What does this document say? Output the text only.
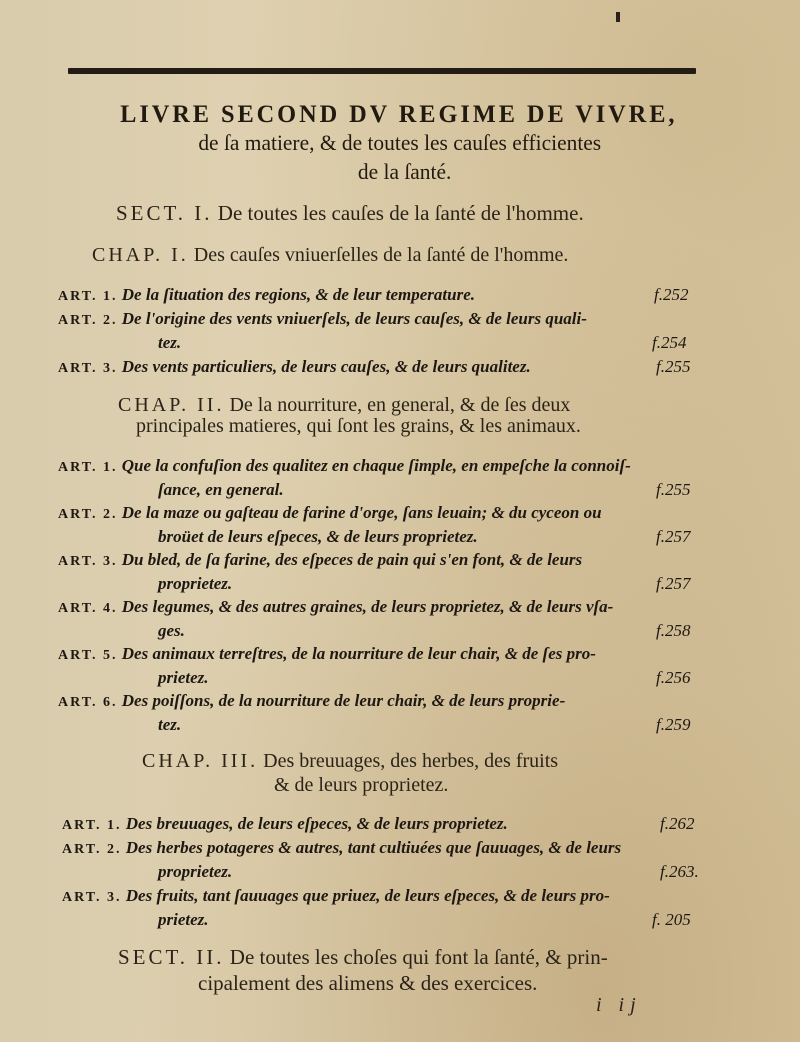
LIVRE SECOND DV REGIME DE VIVRE,
de ſa matiere, & de toutes les cauſes efficientes
de la ſanté.
SECT. I. De toutes les cauſes de la ſanté de l'homme.
CHAP. I. Des cauſes vniuerſelles de la ſanté de l'homme.
ART. 1. De la ſituation des regions, & de leur temperature.	f.252
ART. 2. De l'origine des vents vniuerſels, de leurs cauſes, & de leurs quali-
tez.	f.254
ART. 3. Des vents particuliers, de leurs cauſes, & de leurs qualitez.	f.255
CHAP. II. De la nourriture, en general, & de ſes deux
principales matieres, qui ſont les grains, & les animaux.
ART. 1. Que la confuſion des qualitez en chaque ſimple, en empeſche la connoiſ-
ſance, en general.	f.255
ART. 2. De la maze ou gaſteau de farine d'orge, ſans leuain; & du cyceon ou
broüet de leurs eſpeces, & de leurs proprietez.	f.257
ART. 3. Du bled, de ſa farine, des eſpeces de pain qui s'en font, & de leurs
proprietez.	f.257
ART. 4. Des legumes, & des autres graines, de leurs proprietez, & de leurs vſa-
ges.	f.258
ART. 5. Des animaux terreſtres, de la nourriture de leur chair, & de ſes pro-
prietez.	f.256
ART. 6. Des poiſſons, de la nourriture de leur chair, & de leurs proprie-
tez.	f.259
CHAP. III. Des breuuages, des herbes, des fruits
& de leurs proprietez.
ART. 1. Des breuuages, de leurs eſpeces, & de leurs proprietez.	f.262
ART. 2. Des herbes potageres & autres, tant cultiuées que ſauuages, & de leurs
proprietez.	f.263.
ART. 3. Des fruits, tant ſauuages que priuez, de leurs eſpeces, & de leurs pro-
prietez.	f. 205
SECT. II. De toutes les choſes qui font la ſanté, & prin-
cipalement des alimens & des exercices.
i ij
